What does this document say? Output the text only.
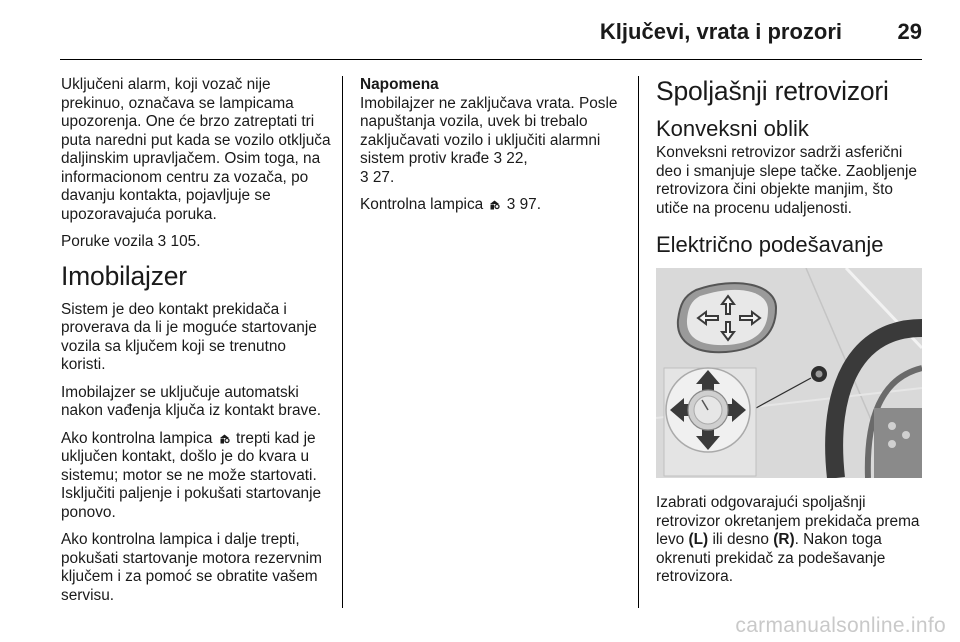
Ključevi, vrata i prozori	29

Uključeni alarm, koji vozač nije prekinuo, označava se lampicama upozorenja. One će brzo zatreptati tri puta naredni put kada se vozilo otključa daljinskim upravljačem. Osim toga, na informacionom centru za vozača, po davanju kontakta, pojavljuje se upozoravajuća poruka.

Poruke vozila 3 105.

Imobilajzer

Sistem je deo kontakt prekidača i proverava da li je moguće startovanje vozila sa ključem koji se trenutno koristi.

Imobilajzer se uključuje automatski nakon vađenja ključa iz kontakt brave.

Ako kontrolna lampica trepti kad je uključen kontakt, došlo je do kvara u sistemu; motor se ne može startovati. Isključiti paljenje i pokušati startovanje ponovo.

Ako kontrolna lampica i dalje trepti, pokušati startovanje motora rezervnim ključem i za pomoć se obratite vašem servisu.

Napomena
Imobilajzer ne zaključava vrata. Posle napuštanja vozila, uvek bi trebalo zaključavati vozilo i uključiti alarmni sistem protiv krađe 3 22,
3 27.

Kontrolna lampica 3 97.

Spoljašnji retrovizori
Konveksni oblik

Konveksni retrovizor sadrži asferični deo i smanjuje slepe tačke. Zaobljenje retrovizora čini objekte manjim, što utiče na procenu udaljenosti.

Električno podešavanje

Izabrati odgovarajući spoljašnji retrovizor okretanjem prekidača prema levo (L) ili desno (R). Nakon toga okrenuti prekidač za podešavanje retrovizora.

carmanualsonline.info
